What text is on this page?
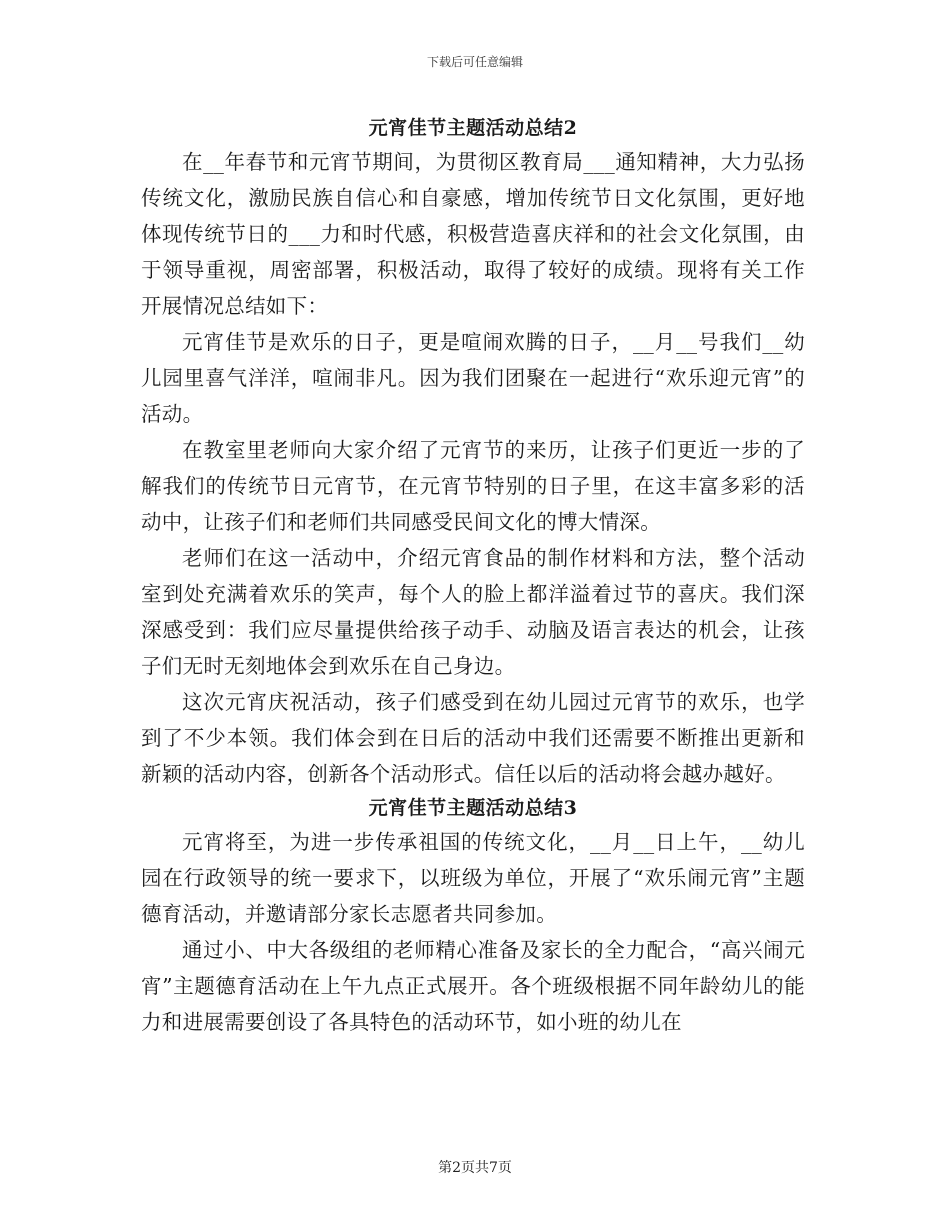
下载后可任意编辑
元宵佳节主题活动总结2

在__年春节和元宵节期间，为贯彻区教育局___通知精神，大力弘扬传统文化，激励民族自信心和自豪感，增加传统节日文化氛围，更好地体现传统节日的___力和时代感，积极营造喜庆祥和的社会文化氛围，由于领导重视，周密部署，积极活动，取得了较好的成绩。现将有关工作开展情况总结如下：

元宵佳节是欢乐的日子，更是喧闹欢腾的日子，__月__号我们__幼儿园里喜气洋洋，喧闹非凡。因为我们团聚在一起进行“欢乐迎元宵”的活动。

在教室里老师向大家介绍了元宵节的来历，让孩子们更近一步的了解我们的传统节日元宵节，在元宵节特别的日子里，在这丰富多彩的活动中，让孩子们和老师们共同感受民间文化的博大情深。

老师们在这一活动中，介绍元宵食品的制作材料和方法，整个活动室到处充满着欢乐的笑声，每个人的脸上都洋溢着过节的喜庆。我们深深感受到：我们应尽量提供给孩子动手、动脑及语言表达的机会，让孩子们无时无刻地体会到欢乐在自己身边。

这次元宵庆祝活动，孩子们感受到在幼儿园过元宵节的欢乐，也学到了不少本领。我们体会到在日后的活动中我们还需要不断推出更新和新颖的活动内容，创新各个活动形式。信任以后的活动将会越办越好。

元宵佳节主题活动总结3

元宵将至，为进一步传承祖国的传统文化，__月__日上午，__幼儿园在行政领导的统一要求下，以班级为单位，开展了“欢乐闹元宵”主题德育活动，并邀请部分家长志愿者共同参加。

通过小、中大各级组的老师精心准备及家长的全力配合，“高兴闹元宵”主题德育活动在上午九点正式展开。各个班级根据不同年龄幼儿的能力和进展需要创设了各具特色的活动环节，如小班的幼儿在

第2页共7页
